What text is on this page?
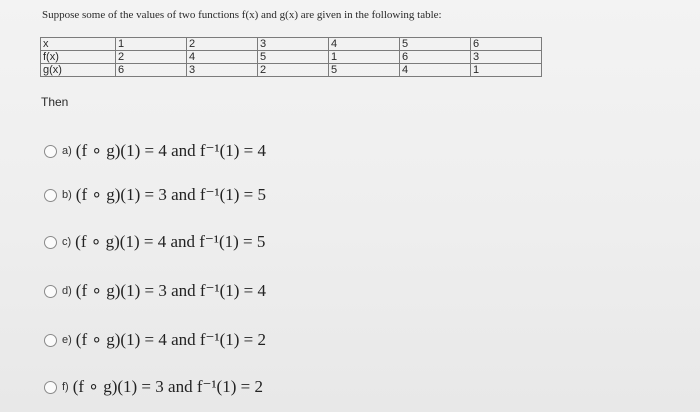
Suppose some of the values of two functions f(x) and g(x) are given in the following table:
x	1	2	3	4	5	6
f(x)	2	4	5	1	6	3
g(x)	6	3	2	5	4	1
Then
a) (f ∘ g)(1) = 4 and f⁻¹(1) = 4
b) (f ∘ g)(1) = 3 and f⁻¹(1) = 5
c) (f ∘ g)(1) = 4 and f⁻¹(1) = 5
d) (f ∘ g)(1) = 3 and f⁻¹(1) = 4
e) (f ∘ g)(1) = 4 and f⁻¹(1) = 2
f) (f ∘ g)(1) = 3 and f⁻¹(1) = 2
